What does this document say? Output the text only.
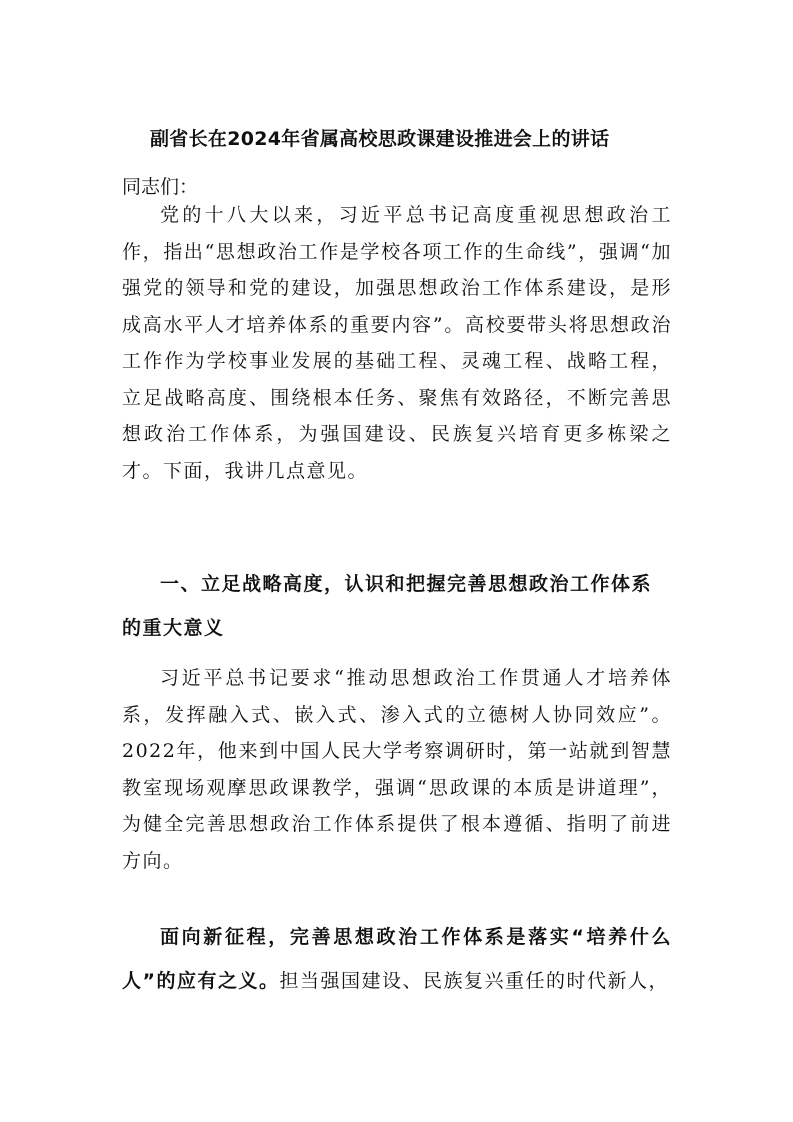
副省长在2024年省属高校思政课建设推进会上的讲话
同志们：

党的十八大以来，习近平总书记高度重视思想政治工作，指出“思想政治工作是学校各项工作的生命线”，强调“加强党的领导和党的建设，加强思想政治工作体系建设，是形成高水平人才培养体系的重要内容”。高校要带头将思想政治工作作为学校事业发展的基础工程、灵魂工程、战略工程，立足战略高度、围绕根本任务、聚焦有效路径，不断完善思想政治工作体系，为强国建设、民族复兴培育更多栋梁之才。下面，我讲几点意见。

一、立足战略高度，认识和把握完善思想政治工作体系的重大意义

习近平总书记要求“推动思想政治工作贯通人才培养体系，发挥融入式、嵌入式、渗入式的立德树人协同效应”。2022年，他来到中国人民大学考察调研时，第一站就到智慧教室现场观摩思政课教学，强调“思政课的本质是讲道理”，为健全完善思想政治工作体系提供了根本遵循、指明了前进方向。

面向新征程，完善思想政治工作体系是落实“培养什么人”的应有之义。担当强国建设、民族复兴重任的时代新人，
